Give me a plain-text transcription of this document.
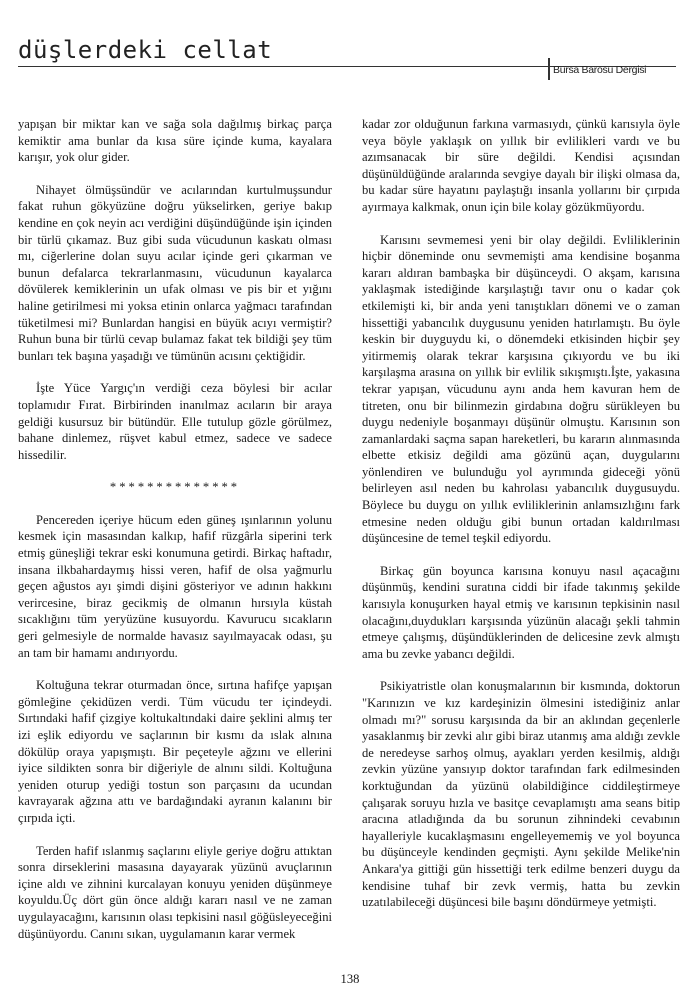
düşlerdeki cellat
Bursa Barosu Dergisi

yapışan bir miktar kan ve sağa sola dağılmış birkaç parça kemiktir ama bunlar da kısa süre içinde kuma, kayalara karışır, yok olur gider.

Nihayet ölmüşsündür ve acılarından kurtulmuşsundur fakat ruhun gökyüzüne doğru yükselirken, geriye bakıp kendine en çok neyin acı verdiğini düşündüğünde işin içinden bir türlü çıkamaz. Buz gibi suda vücudunun kaskatı olması mı, ciğerlerine dolan suyu acılar içinde geri çıkarman ve bunun defalarca tekrarlanmasını, vücudunun kayalarca dövülerek kemiklerinin un ufak olması ve pis bir et yığını haline getirilmesi mi yoksa etinin onlarca yağmacı tarafından tüketilmesi mi? Bunlardan hangisi en büyük acıyı vermiştir? Ruhun buna bir türlü cevap bulamaz fakat tek bildiği şey tüm bunları tek başına yaşadığı ve tümünün acısını çektiğidir.

İşte Yüce Yargıç'ın verdiği ceza böylesi bir acılar toplamıdır Fırat. Birbirinden inanılmaz acıların bir araya geldiği kusursuz bir bütündür. Elle tutulup gözle görülmez, bahane dinlemez, rüşvet kabul etmez, sadece ve sadece hissedilir.

**************

Pencereden içeriye hücum eden güneş ışınlarının yolunu kesmek için masasından kalkıp, hafif rüzgârla siperini terk etmiş güneşliği tekrar eski konumuna getirdi. Birkaç haftadır, insana ilkbahardaymış hissi veren, hafif de olsa yağmurlu geçen ağustos ayı şimdi dişini gösteriyor ve adının hakkını verircesine, biraz gecikmiş de olmanın hırsıyla küstah sıcaklığını tüm yeryüzüne kusuyordu. Kavurucu sıcakların geri gelmesiyle de normalde havasız sayılmayacak odası, şu an tam bir hamamı andırıyordu.

Koltuğuna tekrar oturmadan önce, sırtına hafifçe yapışan gömleğine çekidüzen verdi. Tüm vücudu ter içindeydi. Sırtındaki hafif çizgiye koltukaltındaki daire şeklini almış ter izi eşlik ediyordu ve saçlarının bir kısmı da ıslak alnına dökülüp oraya yapışmıştı. Bir peçeteyle ağzını ve ellerini iyice sildikten sonra bir diğeriyle de alnını sildi. Koltuğuna yeniden oturup yediği tostun son parçasını da ucundan kavrayarak ağzına attı ve bardağındaki ayranın kalanını bir çırpıda içti.

Terden hafif ıslanmış saçlarını eliyle geriye doğru attıktan sonra dirseklerini masasına dayayarak yüzünü avuçlarının içine aldı ve zihnini kurcalayan konuyu yeniden düşünmeye koyuldu.Üç dört gün önce aldığı kararı nasıl ve ne zaman uygulayacağını, karısının olası tepkisini nasıl göğüsleyeceğini düşünüyordu. Canını sıkan, uygulamanın karar vermek

kadar zor olduğunun farkına varmasıydı, çünkü karısıyla öyle veya böyle yaklaşık on yıllık bir evlilikleri vardı ve bu azımsanacak bir süre değildi. Kendisi açısından düşünüldüğünde aralarında sevgiye dayalı bir ilişki olmasa da, bu kadar süre hayatını paylaştığı insanla yollarını bir çırpıda ayırmaya kalkmak, onun için bile kolay gözükmüyordu.

Karısını sevmemesi yeni bir olay değildi. Evliliklerinin hiçbir döneminde onu sevmemişti ama kendisine boşanma kararı aldıran bambaşka bir düşünceydi. O akşam, karısına yaklaşmak istediğinde karşılaştığı tavır onu o kadar çok etkilemişti ki, bir anda yeni tanıştıkları dönemi ve o zaman hissettiği yabancılık duygusunu yeniden hatırlamıştı. Bu öyle keskin bir duyguydu ki, o dönemdeki etkisinden hiçbir şey yitirmemiş olarak tekrar karşısına çıkıyordu ve bu iki karşılaşma arasına on yıllık bir evlilik sıkışmıştı.İşte, yakasına tekrar yapışan, vücudunu aynı anda hem kavuran hem de titreten, onu bir bilinmezin girdabına doğru sürükleyen bu duygu nedeniyle boşanmayı düşünür olmuştu. Karısının son zamanlardaki saçma sapan hareketleri, bu kararın alınmasında elbette etkisiz değildi ama gözünü açan, duygularını yönlendiren ve bulunduğu yol ayrımında gideceği yönü belirleyen asıl neden bu kahrolası yabancılık duygusuydu. Böylece bu duygu on yıllık evliliklerinin anlamsızlığını fark etmesine neden olduğu gibi bunun ortadan kaldırılması düşüncesine de temel teşkil ediyordu.

Birkaç gün boyunca karısına konuyu nasıl açacağını düşünmüş, kendini suratına ciddi bir ifade takınmış şekilde karısıyla konuşurken hayal etmiş ve karısının tepkisinin nasıl olacağını,duydukları karşısında yüzünün alacağı şekli tahmin etmeye çalışmış, düşündüklerinden de delicesine zevk almıştı ama bu zevke yabancı değildi.

Psikiyatristle olan konuşmalarının bir kısmında, doktorun "Karınızın ve kız kardeşinizin ölmesini istediğiniz anlar olmadı mı?" sorusu karşısında da bir an aklından geçenlerle yasaklanmış bir zevki alır gibi biraz utanmış ama aldığı zevkle de neredeyse sarhoş olmuş, ayakları yerden kesilmiş, aldığı zevkin yüzüne yansıyıp doktor tarafından fark edilmesinden korktuğundan da yüzünü olabildiğince ciddileştirmeye çalışarak soruyu hızla ve basitçe cevaplamıştı ama seans bitip aracına atladığında da bu sorunun zihnindeki cevabının hayalleriyle kucaklaşmasını engelleyememiş ve yol boyunca bu düşünceyle kendinden geçmişti. Aynı şekilde Melike'nin Ankara'ya gittiği gün hissettiği terk edilme benzeri duygu da kendisine tuhaf bir zevk vermiş, hatta bu zevkin uzatılabileceği düşüncesi bile başını döndürmeye yetmişti.

138
